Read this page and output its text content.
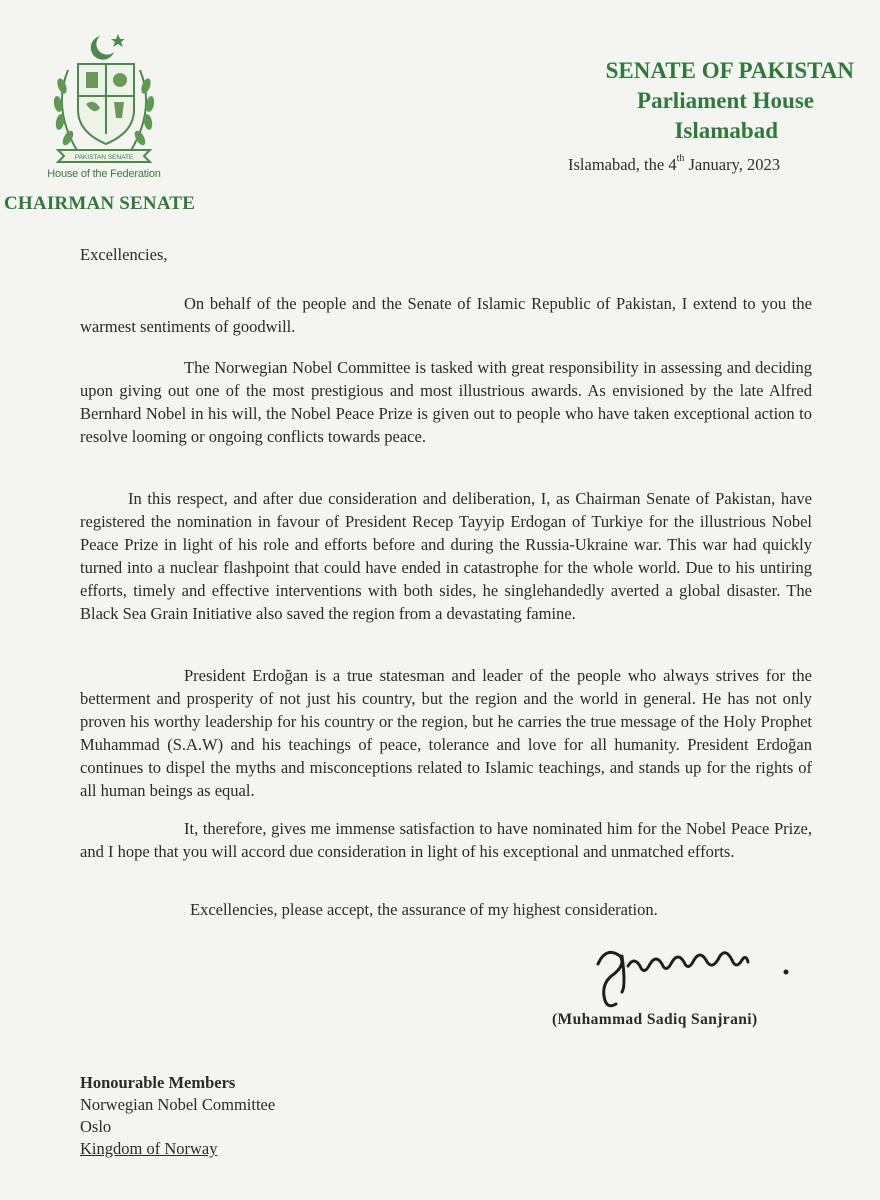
PAKISTAN SENATE
House of the Federation
CHAIRMAN SENATE
SENATE OF PAKISTAN
Parliament House
Islamabad
Islamabad, the 4th January, 2023
Excellencies,

On behalf of the people and the Senate of Islamic Republic of Pakistan, I extend to you the warmest sentiments of goodwill.

The Norwegian Nobel Committee is tasked with great responsibility in assessing and deciding upon giving out one of the most prestigious and most illustrious awards. As envisioned by the late Alfred Bernhard Nobel in his will, the Nobel Peace Prize is given out to people who have taken exceptional action to resolve looming or ongoing conflicts towards peace.

In this respect, and after due consideration and deliberation, I, as Chairman Senate of Pakistan, have registered the nomination in favour of President Recep Tayyip Erdogan of Turkiye for the illustrious Nobel Peace Prize in light of his role and efforts before and during the Russia-Ukraine war. This war had quickly turned into a nuclear flashpoint that could have ended in catastrophe for the whole world. Due to his untiring efforts, timely and effective interventions with both sides, he singlehandedly averted a global disaster. The Black Sea Grain Initiative also saved the region from a devastating famine.

President Erdoğan is a true statesman and leader of the people who always strives for the betterment and prosperity of not just his country, but the region and the world in general. He has not only proven his worthy leadership for his country or the region, but he carries the true message of the Holy Prophet Muhammad (S.A.W) and his teachings of peace, tolerance and love for all humanity. President Erdoğan continues to dispel the myths and misconceptions related to Islamic teachings, and stands up for the rights of all human beings as equal.

It, therefore, gives me immense satisfaction to have nominated him for the Nobel Peace Prize, and I hope that you will accord due consideration in light of his exceptional and unmatched efforts.

Excellencies, please accept, the assurance of my highest consideration.
(Muhammad Sadiq Sanjrani)
Honourable Members
Norwegian Nobel Committee
Oslo
Kingdom of Norway
